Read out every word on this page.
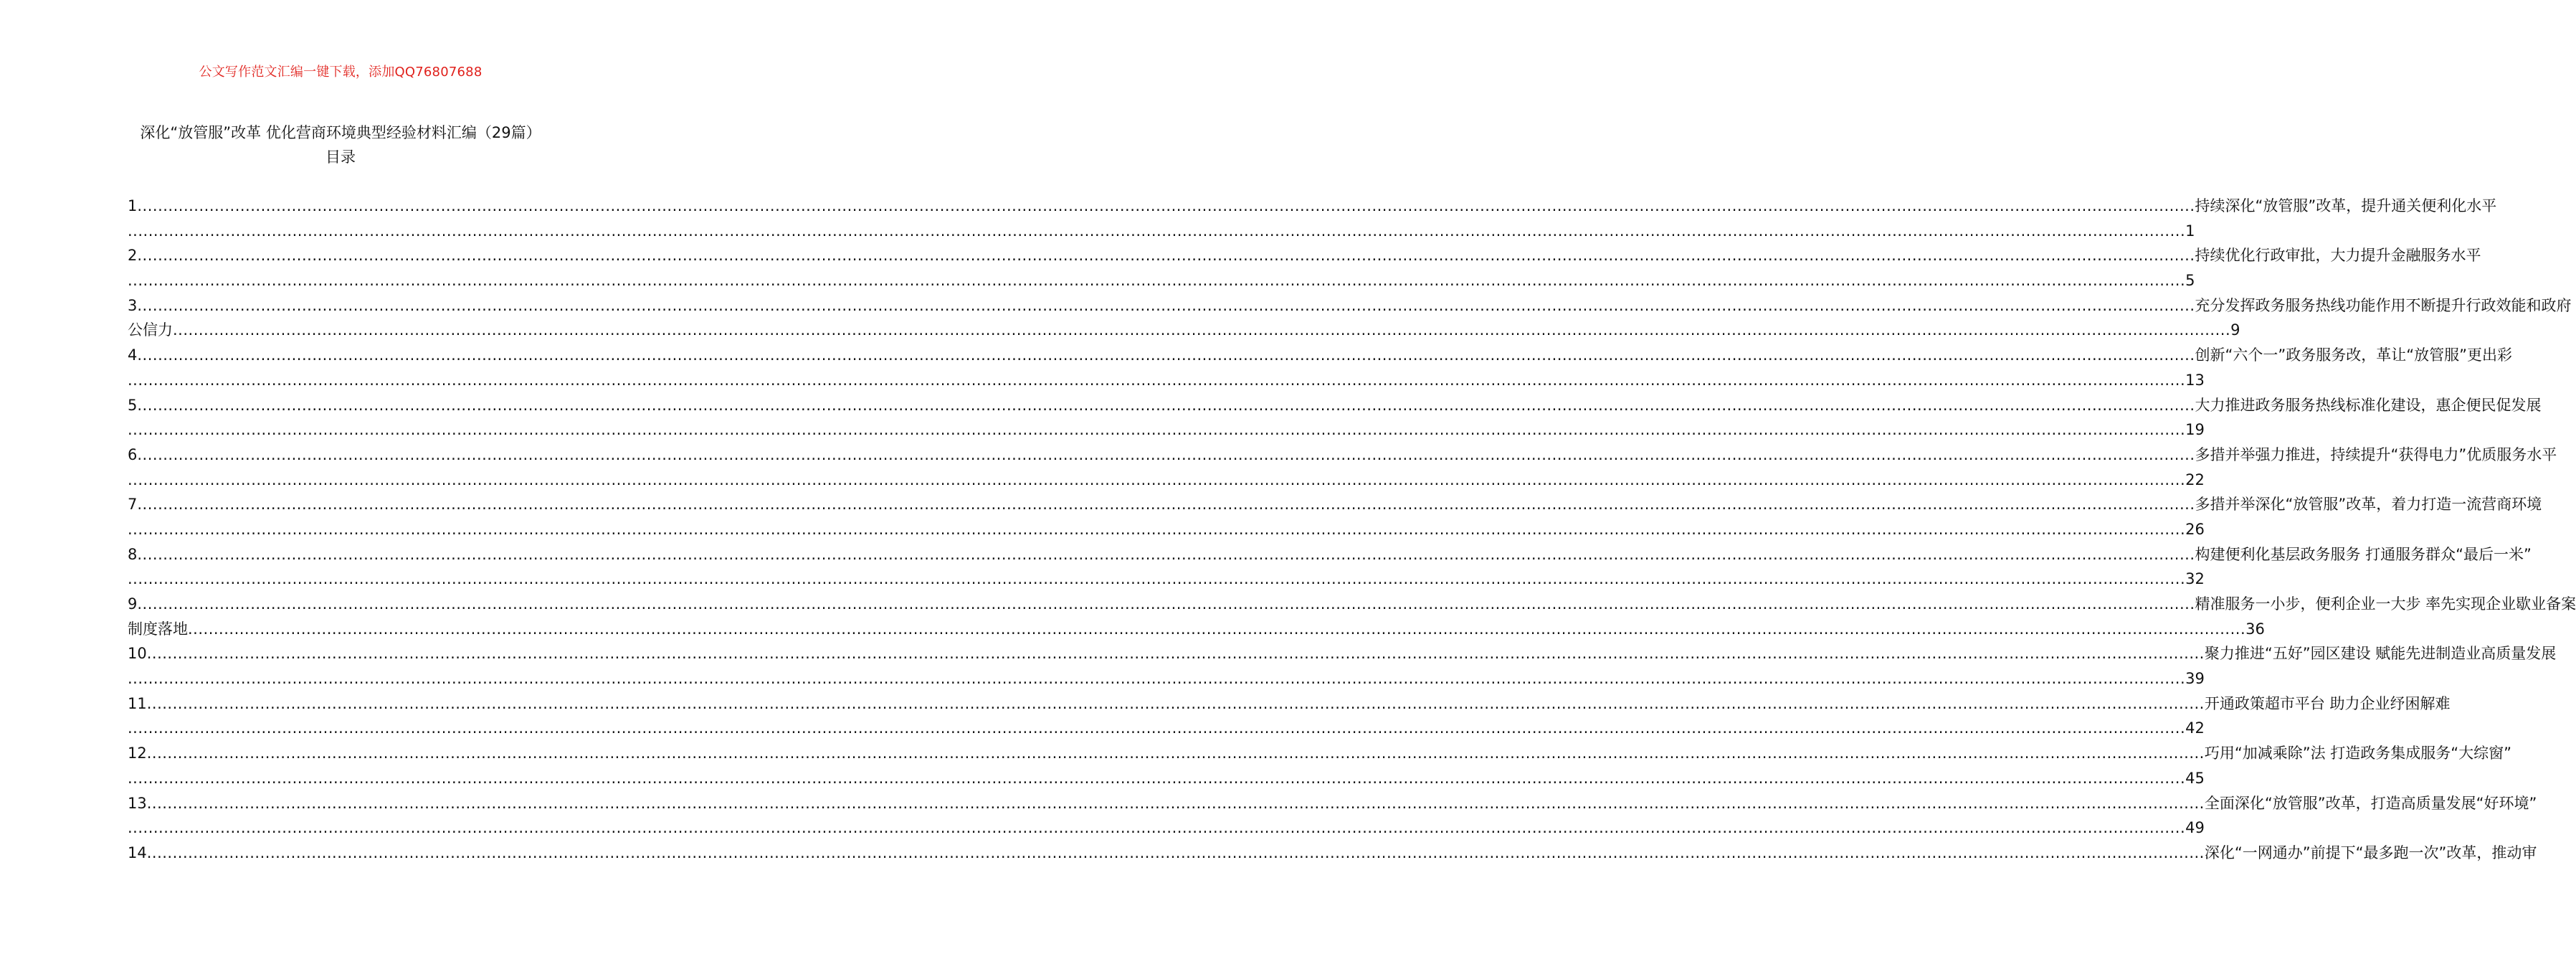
公文写作范文汇编一键下载，添加QQ76807688
深化“放管服”改革 优化营商环境典型经验材料汇编（29篇）
目录
1 ................................................................................................................................................................................................................................................................................................................................................................................................................ 持续深化“放管服”改革，提升通关便利化水平
................................................................................................................................................................................................................................................................................................................................................................................................................ 1
2 ................................................................................................................................................................................................................................................................................................................................................................................................................ 持续优化行政审批，大力提升金融服务水平
................................................................................................................................................................................................................................................................................................................................................................................................................ 5
3 ................................................................................................................................................................................................................................................................................................................................................................................................................ 充分发挥政务服务热线功能作用不断提升行政效能和政府
公信力 ................................................................................................................................................................................................................................................................................................................................................................................................................ 9
4 ................................................................................................................................................................................................................................................................................................................................................................................................................ 创新“六个一”政务服务改，革让“放管服”更出彩
................................................................................................................................................................................................................................................................................................................................................................................................................ 13
5 ................................................................................................................................................................................................................................................................................................................................................................................................................ 大力推进政务服务热线标准化建设，惠企便民促发展
................................................................................................................................................................................................................................................................................................................................................................................................................ 19
6 ................................................................................................................................................................................................................................................................................................................................................................................................................ 多措并举强力推进，持续提升“获得电力”优质服务水平
................................................................................................................................................................................................................................................................................................................................................................................................................ 22
7 ................................................................................................................................................................................................................................................................................................................................................................................................................ 多措并举深化“放管服”改革，着力打造一流营商环境
................................................................................................................................................................................................................................................................................................................................................................................................................ 26
8 ................................................................................................................................................................................................................................................................................................................................................................................................................ 构建便利化基层政务服务 打通服务群众“最后一米”
................................................................................................................................................................................................................................................................................................................................................................................................................ 32
9 ................................................................................................................................................................................................................................................................................................................................................................................................................ 精准服务一小步，便利企业一大步 率先实现企业歇业备案
制度落地 ................................................................................................................................................................................................................................................................................................................................................................................................................ 36
10 ................................................................................................................................................................................................................................................................................................................................................................................................................ 聚力推进“五好”园区建设 赋能先进制造业高质量发展
................................................................................................................................................................................................................................................................................................................................................................................................................ 39
11 ................................................................................................................................................................................................................................................................................................................................................................................................................ 开通政策超市平台 助力企业纾困解难
................................................................................................................................................................................................................................................................................................................................................................................................................ 42
12 ................................................................................................................................................................................................................................................................................................................................................................................................................ 巧用“加减乘除”法 打造政务集成服务“大综窗”
................................................................................................................................................................................................................................................................................................................................................................................................................ 45
13 ................................................................................................................................................................................................................................................................................................................................................................................................................ 全面深化“放管服”改革，打造高质量发展“好环境”
................................................................................................................................................................................................................................................................................................................................................................................................................ 49
14 ................................................................................................................................................................................................................................................................................................................................................................................................................ 深化“一网通办”前提下“最多跑一次”改革，推动审
